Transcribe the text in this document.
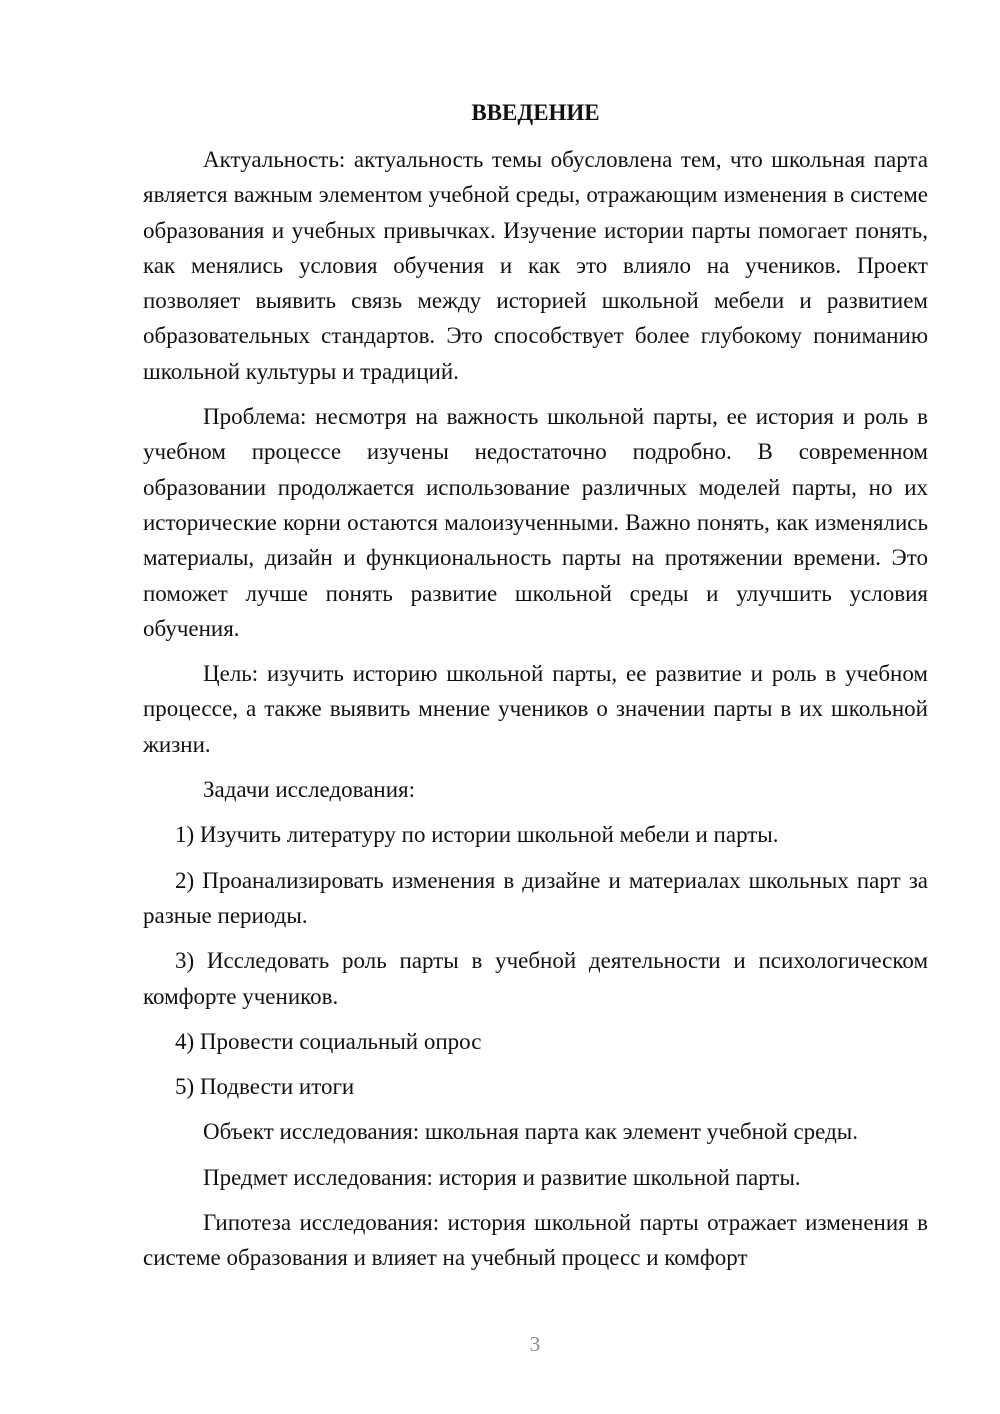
ВВЕДЕНИЕ

Актуальность: актуальность темы обусловлена тем, что школьная парта является важным элементом учебной среды, отражающим изменения в системе образования и учебных привычках. Изучение истории парты помогает понять, как менялись условия обучения и как это влияло на учеников. Проект позволяет выявить связь между историей школьной мебели и развитием образовательных стандартов. Это способствует более глубокому пониманию школьной культуры и традиций.

Проблема: несмотря на важность школьной парты, ее история и роль в учебном процессе изучены недостаточно подробно. В современном образовании продолжается использование различных моделей парты, но их исторические корни остаются малоизученными. Важно понять, как изменялись материалы, дизайн и функциональность парты на протяжении времени. Это поможет лучше понять развитие школьной среды и улучшить условия обучения.

Цель: изучить историю школьной парты, ее развитие и роль в учебном процессе, а также выявить мнение учеников о значении парты в их школьной жизни.

Задачи исследования:

1) Изучить литературу по истории школьной мебели и парты.

2) Проанализировать изменения в дизайне и материалах школьных парт за разные периоды.

3) Исследовать роль парты в учебной деятельности и психологическом комфорте учеников.

4) Провести социальный опрос

5) Подвести итоги

Объект исследования: школьная парта как элемент учебной среды.

Предмет исследования: история и развитие школьной парты.

Гипотеза исследования: история школьной парты отражает изменения в системе образования и влияет на учебный процесс и комфорт

3
